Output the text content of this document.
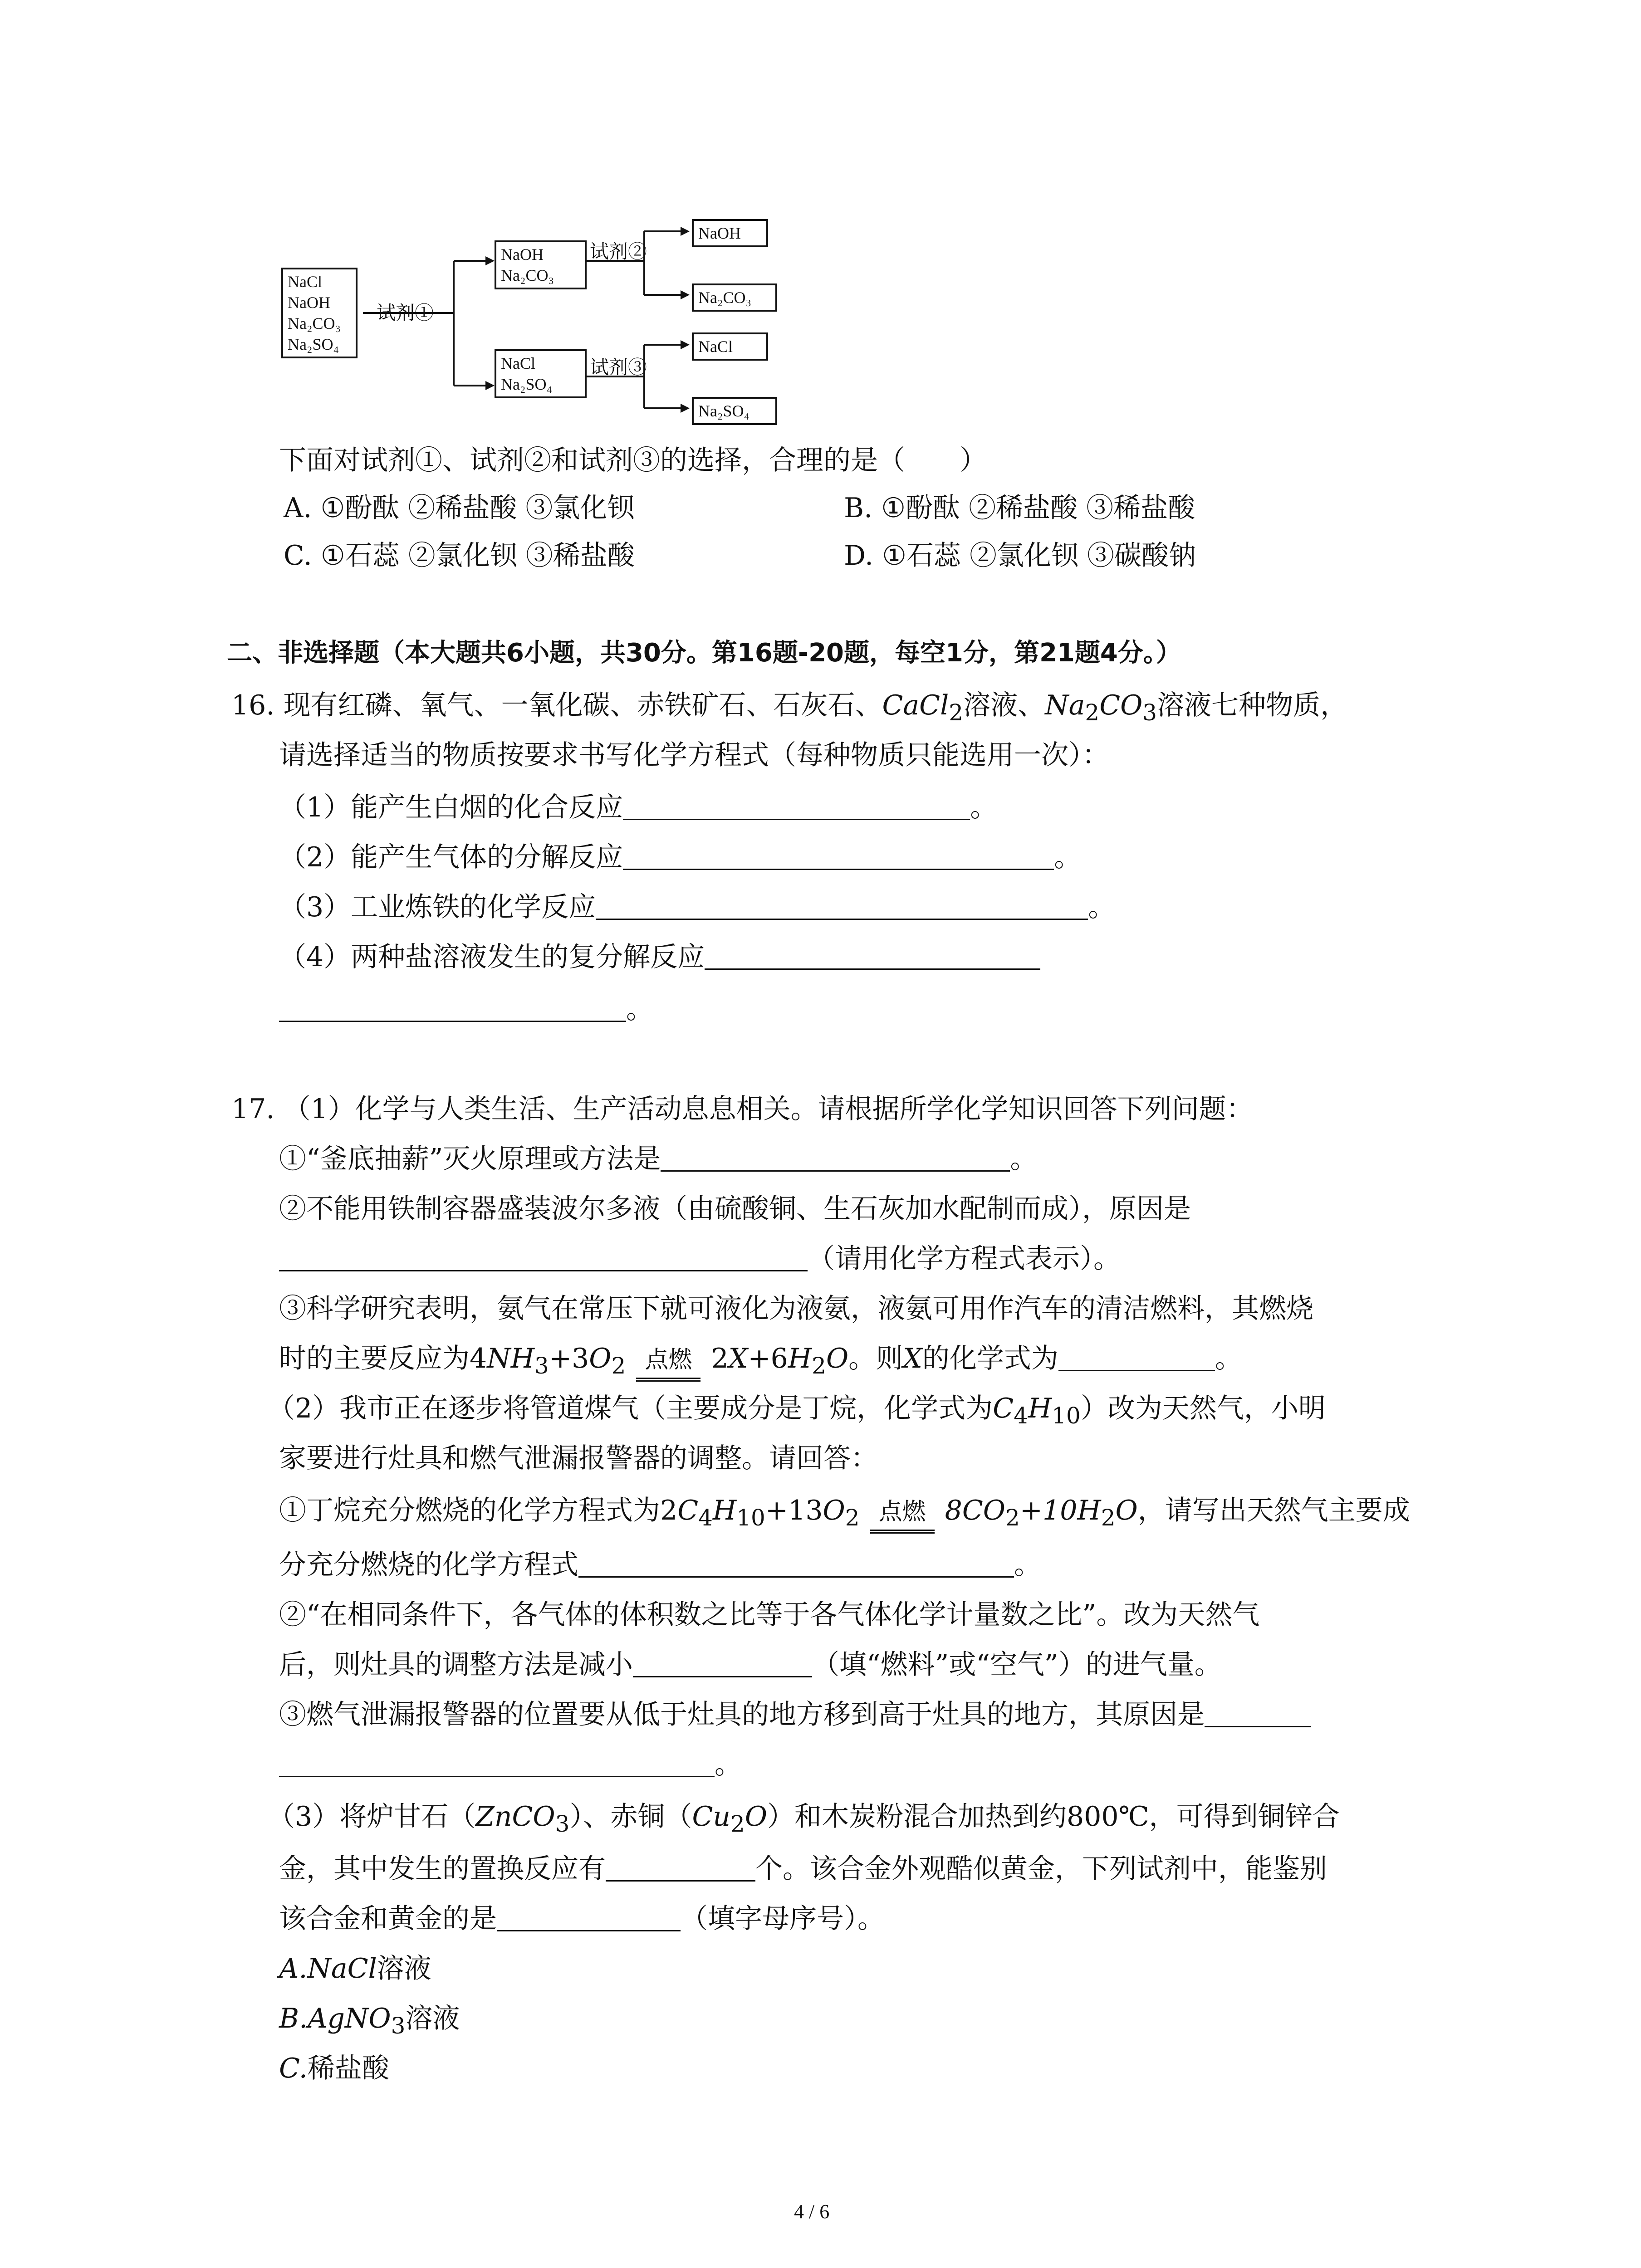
NaCl
NaOH
Na₂CO₃
Na₂SO₄
试剂①
NaOH
Na₂CO₃
试剂②
NaCl
Na₂SO₄
试剂③
NaOH
Na₂CO₃
NaCl
Na₂SO₄
下面对试剂①、试剂②和试剂③的选择，合理的是（　　）
A. ①酚酞 ②稀盐酸 ③氯化钡	B. ①酚酞 ②稀盐酸 ③稀盐酸
C. ①石蕊 ②氯化钡 ③稀盐酸	D. ①石蕊 ②氯化钡 ③碳酸钠
二、非选择题（本大题共6小题，共30分。第16题-20题，每空1分，第21题4分。）
16. 现有红磷、氧气、一氧化碳、赤铁矿石、石灰石、CaCl$_2$溶液、$Na_2CO_3$溶液七种物质，
请选择适当的物质按要求书写化学方程式（每种物质只能选用一次）：
（1）能产生白烟的化合反应	。
（2）能产生气体的分解反应	。
（3）工业炼铁的化学反应	。
（4）两种盐溶液发生的复分解反应
。
17. （1）化学与人类生活、生产活动息息相关。请根据所学化学知识回答下列问题：
①“釜底抽薪”灭火原理或方法是	。
②不能用铁制容器盛装波尔多液（由硫酸铜、生石灰加水配制而成），原因是
（请用化学方程式表示）。
③科学研究表明，氨气在常压下就可液化为液氨，液氨可用作汽车的清洁燃料，其燃烧
时的主要反应为$4NH_3+3O_2$ 点燃 $2X+6H_2O$。则X的化学式为	。
（2）我市正在逐步将管道煤气（主要成分是丁烷，化学式为$C_4H_{10}$）改为天然气，小明
家要进行灶具和燃气泄漏报警器的调整。请回答：
①丁烷充分燃烧的化学方程式为$2C_4H_{10}+13O_2$ 点燃 $8CO_2+10H_2O$，请写出天然气主要成
分充分燃烧的化学方程式	。
②“在相同条件下，各气体的体积数之比等于各气体化学计量数之比”。改为天然气
后，则灶具的调整方法是减小	（填“燃料”或“空气”）的进气量。
③燃气泄漏报警器的位置要从低于灶具的地方移到高于灶具的地方，其原因是
。
（3）将炉甘石（ZnCO$_3$）、赤铜$(Cu_2O)$和木炭粉混合加热到约800℃，可得到铜锌合
金，其中发生的置换反应有	个。该合金外观酷似黄金，下列试剂中，能鉴别
该合金和黄金的是	（填字母序号）。
A.NaCl溶液
B.AgNO$_3$溶液
C.稀盐酸
4 / 6
